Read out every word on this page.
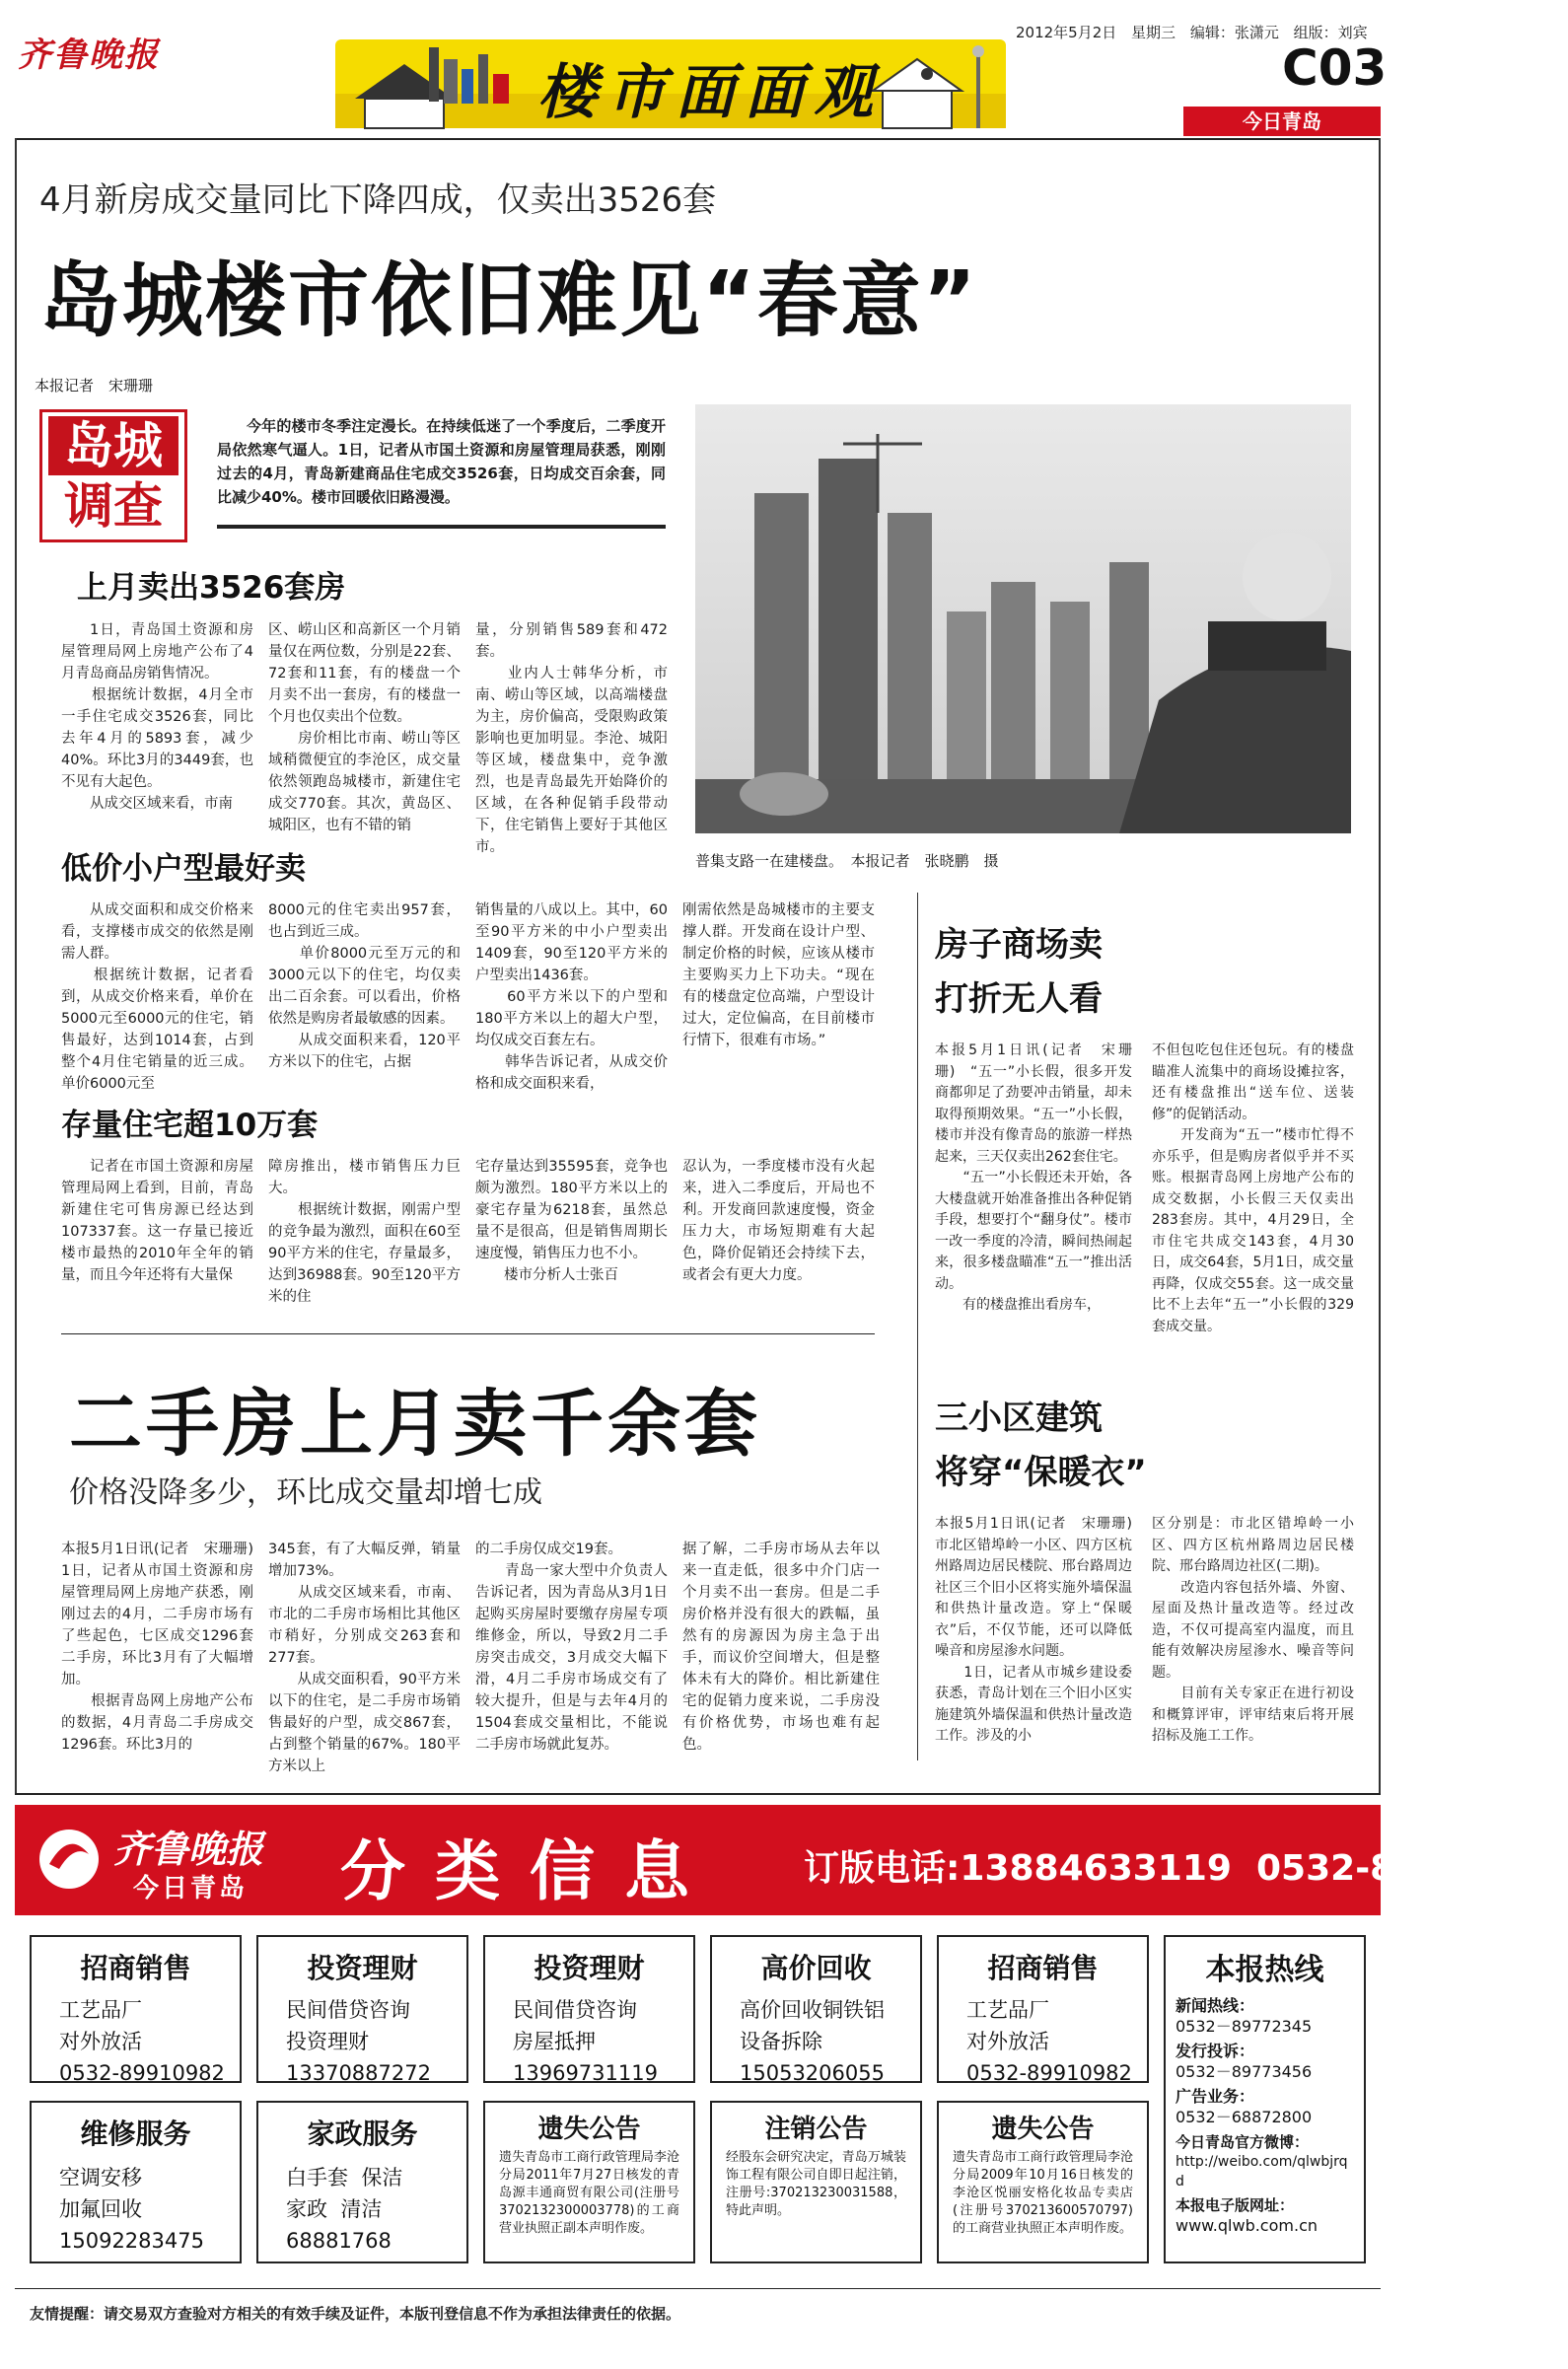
齐鲁晚报
楼市面面观
2012年5月2日 星期三 编辑：张潇元 组版：刘宾
C03
今日青岛
4月新房成交量同比下降四成，仅卖出3526套
岛城楼市依旧难见“春意”
本报记者　宋珊珊
岛城
调查
今年的楼市冬季注定漫长。在持续低迷了一个季度后，二季度开局依然寒气逼人。1日，记者从市国土资源和房屋管理局获悉，刚刚过去的4月，青岛新建商品住宅成交3526套，日均成交百余套，同比减少40%。楼市回暖依旧路漫漫。
普集支路一在建楼盘。　本报记者　张晓鹏　摄
上月卖出3526套房
1日，青岛国土资源和房屋管理局网上房地产公布了4月青岛商品房销售情况。
　　根据统计数据，4月全市一手住宅成交3526套，同比去年4月的5893套，减少40%。环比3月的3449套，也不见有大起色。
　　从成交区域来看，市南
区、崂山区和高新区一个月销量仅在两位数，分别是22套、72套和11套，有的楼盘一个月卖不出一套房，有的楼盘一个月也仅卖出个位数。
　　房价相比市南、崂山等区域稍微便宜的李沧区，成交量依然领跑岛城楼市，新建住宅成交770套。其次，黄岛区、城阳区，也有不错的销
量，分别销售589套和472套。
　　业内人士韩华分析，市南、崂山等区域，以高端楼盘为主，房价偏高，受限购政策影响也更加明显。李沧、城阳等区域，楼盘集中，竞争激烈，也是青岛最先开始降价的区域，在各种促销手段带动下，住宅销售上要好于其他区市。
低价小户型最好卖
从成交面积和成交价格来看，支撑楼市成交的依然是刚需人群。
　　根据统计数据，记者看到，从成交价格来看，单价在5000元至6000元的住宅，销售最好，达到1014套，占到整个4月住宅销量的近三成。单价6000元至
8000元的住宅卖出957套，也占到近三成。
　　单价8000元至万元的和3000元以下的住宅，均仅卖出二百余套。可以看出，价格依然是购房者最敏感的因素。
　　从成交面积来看，120平方米以下的住宅，占据
销售量的八成以上。其中，60至90平方米的中小户型卖出1409套，90至120平方米的户型卖出1436套。
　　60平方米以下的户型和180平方米以上的超大户型，均仅成交百套左右。
　　韩华告诉记者，从成交价格和成交面积来看，
刚需依然是岛城楼市的主要支撑人群。开发商在设计户型、制定价格的时候，应该从楼市主要购买力上下功夫。“现在有的楼盘定位高端，户型设计过大，定位偏高，在目前楼市行情下，很难有市场。”
存量住宅超10万套
记者在市国土资源和房屋管理局网上看到，目前，青岛新建住宅可售房源已经达到107337套。这一存量已接近楼市最热的2010年全年的销量，而且今年还将有大量保
障房推出，楼市销售压力巨大。
　　根据统计数据，刚需户型的竞争最为激烈，面积在60至90平方米的住宅，存量最多，达到36988套。90至120平方米的住
宅存量达到35595套，竞争也颇为激烈。180平方米以上的豪宅存量为6218套，虽然总量不是很高，但是销售周期长速度慢，销售压力也不小。
　　楼市分析人士张百
忍认为，一季度楼市没有火起来，进入二季度后，开局也不利。开发商回款速度慢，资金压力大，市场短期难有大起色，降价促销还会持续下去，或者会有更大力度。
二手房上月卖千余套
价格没降多少，环比成交量却增七成
本报5月1日讯(记者　宋珊珊)　1日，记者从市国土资源和房屋管理局网上房地产获悉，刚刚过去的4月，二手房市场有了些起色，七区成交1296套二手房，环比3月有了大幅增加。
　　根据青岛网上房地产公布的数据，4月青岛二手房成交1296套。环比3月的
345套，有了大幅反弹，销量增加73%。
　　从成交区域来看，市南、市北的二手房市场相比其他区市稍好，分别成交263套和277套。
　　从成交面积看，90平方米以下的住宅，是二手房市场销售最好的户型，成交867套，占到整个销量的67%。180平方米以上
的二手房仅成交19套。
　　青岛一家大型中介负责人告诉记者，因为青岛从3月1日起购买房屋时要缴存房屋专项维修金，所以，导致2月二手房突击成交，3月成交大幅下滑，4月二手房市场成交有了较大提升，但是与去年4月的1504套成交量相比，不能说二手房市场就此复苏。
据了解，二手房市场从去年以来一直走低，很多中介门店一个月卖不出一套房。但是二手房价格并没有很大的跌幅，虽然有的房源因为房主急于出手，而议价空间增大，但是整体未有大的降价。相比新建住宅的促销力度来说，二手房没有价格优势，市场也难有起色。
房子商场卖
打折无人看
本报5月1日讯(记者　宋珊珊)　“五一”小长假，很多开发商都卯足了劲要冲击销量，却未取得预期效果。“五一”小长假，楼市并没有像青岛的旅游一样热起来，三天仅卖出262套住宅。
　　“五一”小长假还未开始，各大楼盘就开始准备推出各种促销手段，想要打个“翻身仗”。楼市一改一季度的冷清，瞬间热闹起来，很多楼盘瞄准“五一”推出活动。
　　有的楼盘推出看房车，
不但包吃包住还包玩。有的楼盘瞄准人流集中的商场设摊拉客，还有楼盘推出“送车位、送装修”的促销活动。
　　开发商为“五一”楼市忙得不亦乐乎，但是购房者似乎并不买账。根据青岛网上房地产公布的成交数据，小长假三天仅卖出283套房。其中，4月29日，全市住宅共成交143套，4月30日，成交64套，5月1日，成交量再降，仅成交55套。这一成交量比不上去年“五一”小长假的329套成交量。
三小区建筑
将穿“保暖衣”
本报5月1日讯(记者　宋珊珊)　市北区错埠岭一小区、四方区杭州路周边居民楼院、邢台路周边社区三个旧小区将实施外墙保温和供热计量改造。穿上“保暖衣”后，不仅节能，还可以降低噪音和房屋渗水问题。
　　1日，记者从市城乡建设委获悉，青岛计划在三个旧小区实施建筑外墙保温和供热计量改造工作。涉及的小
区分别是：市北区错埠岭一小区、四方区杭州路周边居民楼院、邢台路周边社区(二期)。
　　改造内容包括外墙、外窗、屋面及热计量改造等。经过改造，不仅可提高室内温度，而且能有效解决房屋渗水、噪音等问题。
　　目前有关专家正在进行初设和概算评审，评审结束后将开展招标及施工工作。
齐鲁晚报
今日青岛 分类信息 订版电话:13884633119  0532-81186679
招商销售
工艺品厂
对外放活
0532-89910982
投资理财
民间借贷咨询
投资理财
13370887272
投资理财
民间借贷咨询
房屋抵押
13969731119
高价回收
高价回收铜铁铝
设备拆除
15053206055
招商销售
工艺品厂
对外放活
0532-89910982
维修服务
空调安移
加氟回收
15092283475
家政服务
白手套  保洁
家政  清洁
68881768
遗失公告
遗失青岛市工商行政管理局李沧分局2011年7月27日核发的青岛源丰通商贸有限公司(注册号3702132300003778)的工商营业执照正副本声明作废。
注销公告
经股东会研究决定，青岛万城装饰工程有限公司自即日起注销，注册号:370213230031588，特此声明。
遗失公告
遗失青岛市工商行政管理局李沧分局2009年10月16日核发的李沧区悦丽安格化妆品专卖店(注册号370213600570797)的工商营业执照正本声明作废。
本报热线
新闻热线：
0532－89772345
发行投诉：
0532－89773456
广告业务：
0532－68872800
今日青岛官方微博：
http://weibo.com/qlwbjrqd
本报电子版网址：
www.qlwb.com.cn
友情提醒：请交易双方查验对方相关的有效手续及证件，本版刊登信息不作为承担法律责任的依据。
